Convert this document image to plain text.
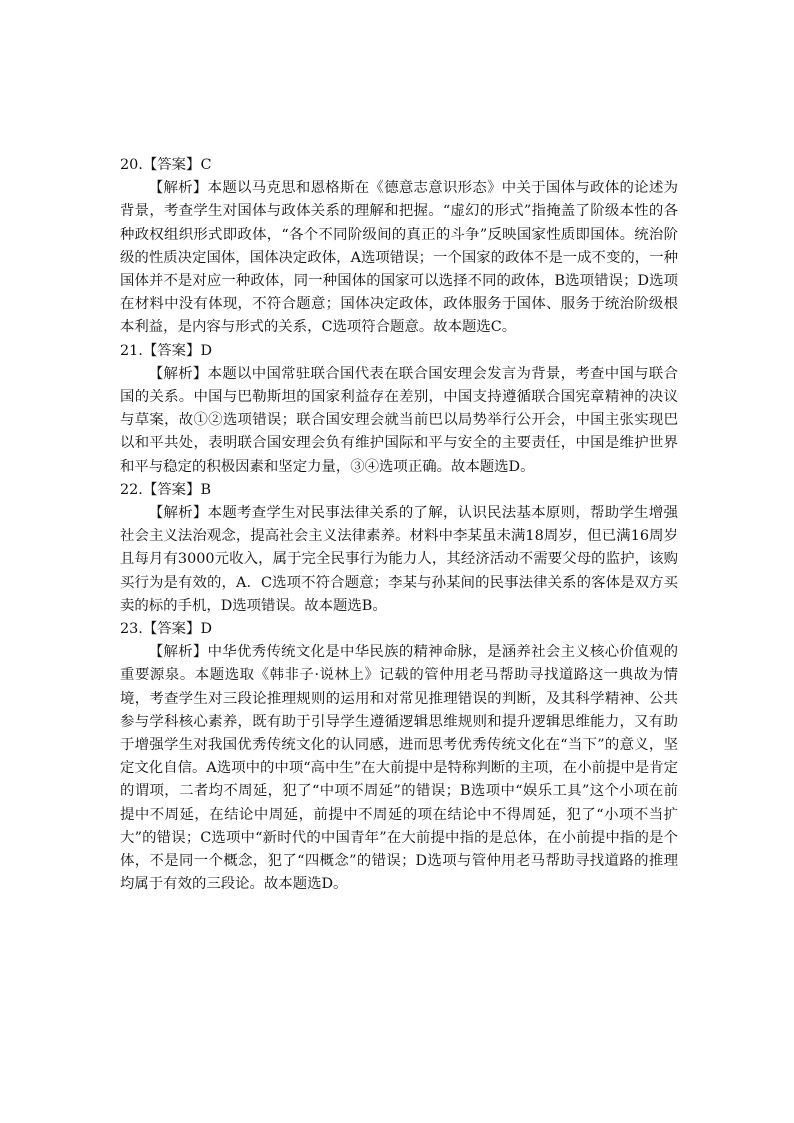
20.【答案】C

【解析】本题以马克思和恩格斯在《德意志意识形态》中关于国体与政体的论述为背景，考查学生对国体与政体关系的理解和把握。“虚幻的形式”指掩盖了阶级本性的各种政权组织形式即政体，“各个不同阶级间的真正的斗争”反映国家性质即国体。统治阶级的性质决定国体，国体决定政体，A选项错误；一个国家的政体不是一成不变的，一种国体并不是对应一种政体，同一种国体的国家可以选择不同的政体，B选项错误；D选项在材料中没有体现，不符合题意；国体决定政体，政体服务于国体、服务于统治阶级根本利益，是内容与形式的关系，C选项符合题意。故本题选C。

21.【答案】D

【解析】本题以中国常驻联合国代表在联合国安理会发言为背景，考查中国与联合国的关系。中国与巴勒斯坦的国家利益存在差别，中国支持遵循联合国宪章精神的决议与草案，故①②选项错误；联合国安理会就当前巴以局势举行公开会，中国主张实现巴以和平共处，表明联合国安理会负有维护国际和平与安全的主要责任，中国是维护世界和平与稳定的积极因素和坚定力量，③④选项正确。故本题选D。

22.【答案】B

【解析】本题考查学生对民事法律关系的了解，认识民法基本原则，帮助学生增强社会主义法治观念，提高社会主义法律素养。材料中李某虽未满18周岁，但已满16周岁且每月有3000元收入，属于完全民事行为能力人，其经济活动不需要父母的监护，该购买行为是有效的，A．C选项不符合题意；李某与孙某间的民事法律关系的客体是双方买卖的标的手机，D选项错误。故本题选B。

23.【答案】D

【解析】中华优秀传统文化是中华民族的精神命脉，是涵养社会主义核心价值观的重要源泉。本题选取《韩非子·说林上》记载的管仲用老马帮助寻找道路这一典故为情境，考查学生对三段论推理规则的运用和对常见推理错误的判断，及其科学精神、公共参与学科核心素养，既有助于引导学生遵循逻辑思维规则和提升逻辑思维能力，又有助于增强学生对我国优秀传统文化的认同感，进而思考优秀传统文化在“当下”的意义，坚定文化自信。A选项中的中项“高中生”在大前提中是特称判断的主项，在小前提中是肯定的谓项，二者均不周延，犯了“中项不周延”的错误；B选项中“娱乐工具”这个小项在前提中不周延，在结论中周延，前提中不周延的项在结论中不得周延，犯了“小项不当扩大”的错误；C选项中“新时代的中国青年”在大前提中指的是总体，在小前提中指的是个体，不是同一个概念，犯了“四概念”的错误；D选项与管仲用老马帮助寻找道路的推理均属于有效的三段论。故本题选D。
